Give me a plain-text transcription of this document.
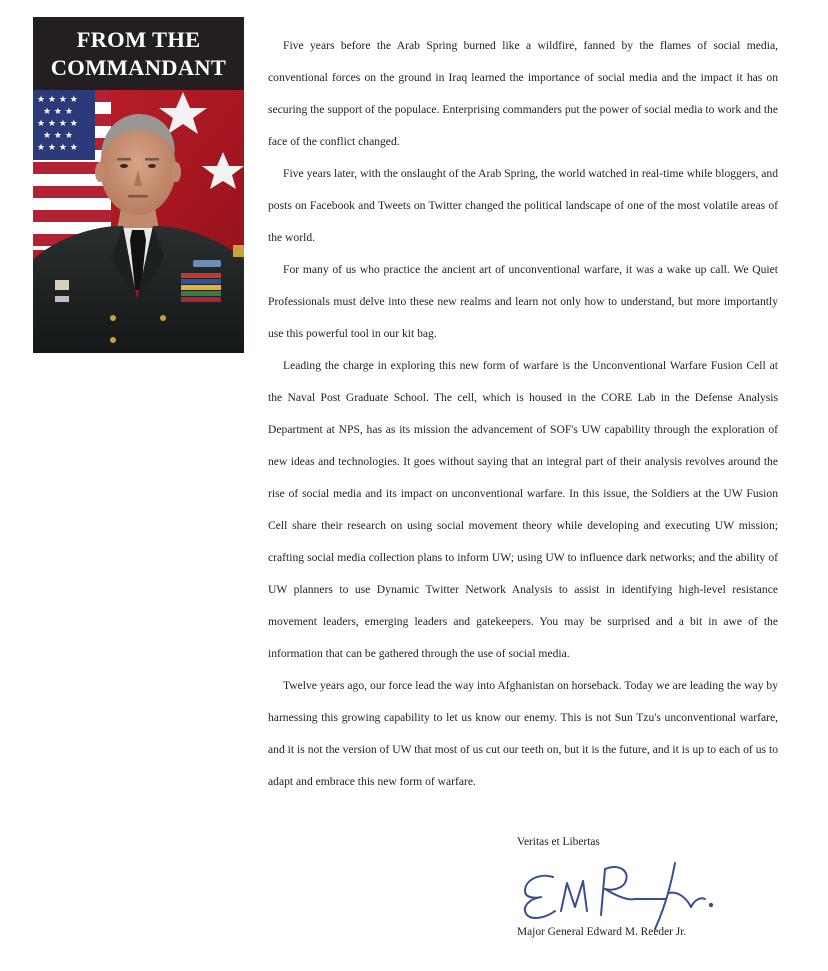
FROM THE
COMMANDANT
★ ★ ★ ★
★ ★ ★
★ ★ ★ ★
★ ★ ★
★ ★ ★ ★

Five years before the Arab Spring burned like a wildfire, fanned by the flames of social media, conventional forces on the ground in Iraq learned the importance of social media and the impact it has on securing the support of the populace. Enterprising commanders put the power of social media to work and the face of the conflict changed.

Five years later, with the onslaught of the Arab Spring, the world watched in real-time while bloggers, and posts on Facebook and Tweets on Twitter changed the political landscape of one of the most volatile areas of the world.

For many of us who practice the ancient art of unconventional warfare, it was a wake up call. We Quiet Professionals must delve into these new realms and learn not only how to understand, but more importantly use this powerful tool in our kit bag.

Leading the charge in exploring this new form of warfare is the Unconventional Warfare Fusion Cell at the Naval Post Graduate School. The cell, which is housed in the CORE Lab in the Defense Analysis Department at NPS, has as its mission the advancement of SOF's UW capability through the exploration of new ideas and technologies. It goes without saying that an integral part of their analysis revolves around the rise of social media and its impact on unconventional warfare. In this issue, the Soldiers at the UW Fusion Cell share their research on using social movement theory while developing and executing UW mission; crafting social media collection plans to inform UW; using UW to influence dark networks; and the ability of UW planners to use Dynamic Twitter Network Analysis to assist in identifying high-level resistance movement leaders, emerging leaders and gatekeepers. You may be surprised and a bit in awe of the information that can be gathered through the use of social media.

Twelve years ago, our force lead the way into Afghanistan on horseback. Today we are leading the way by harnessing this growing capability to let us know our enemy. This is not Sun Tzu's unconventional warfare, and it is not the version of UW that most of us cut our teeth on, but it is the future, and it is up to each of us to adapt and embrace this new form of warfare.

Veritas et Libertas
Major General Edward M. Reeder Jr.
